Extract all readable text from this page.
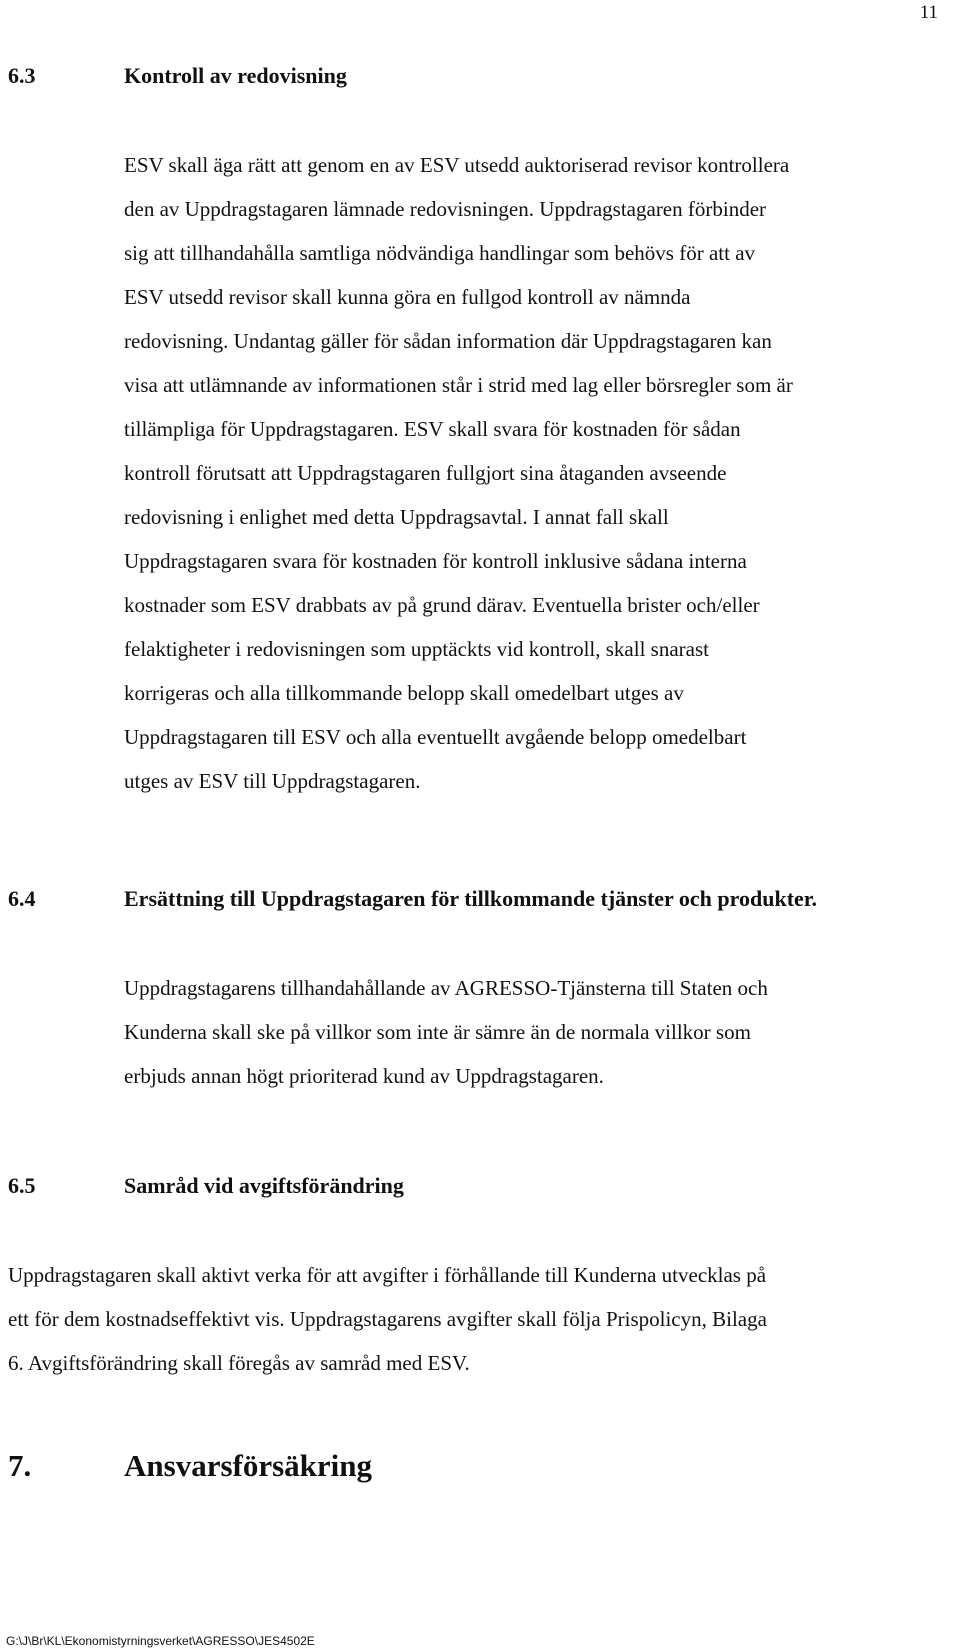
11
6.3	Kontroll av redovisning

ESV skall äga rätt att genom en av ESV utsedd auktoriserad revisor kontrollera
den av Uppdragstagaren lämnade redovisningen. Uppdragstagaren förbinder
sig att tillhandahålla samtliga nödvändiga handlingar som behövs för att av
ESV utsedd revisor skall kunna göra en fullgod kontroll av nämnda
redovisning. Undantag gäller för sådan information där Uppdragstagaren kan
visa att utlämnande av informationen står i strid med lag eller börsregler som är
tillämpliga för Uppdragstagaren. ESV skall svara för kostnaden för sådan
kontroll förutsatt att Uppdragstagaren fullgjort sina åtaganden avseende
redovisning i enlighet med detta Uppdragsavtal. I annat fall skall
Uppdragstagaren svara för kostnaden för kontroll inklusive sådana interna
kostnader som ESV drabbats av på grund därav. Eventuella brister och/eller
felaktigheter i redovisningen som upptäckts vid kontroll, skall snarast
korrigeras och alla tillkommande belopp skall omedelbart utges av
Uppdragstagaren till ESV och alla eventuellt avgående belopp omedelbart
utges av ESV till Uppdragstagaren.

6.4	Ersättning till Uppdragstagaren för tillkommande tjänster och produkter.

Uppdragstagarens tillhandahållande av AGRESSO-Tjänsterna till Staten och
Kunderna skall ske på villkor som inte är sämre än de normala villkor som
erbjuds annan högt prioriterad kund av Uppdragstagaren.

6.5	Samråd vid avgiftsförändring

Uppdragstagaren skall aktivt verka för att avgifter i förhållande till Kunderna utvecklas på
ett för dem kostnadseffektivt vis. Uppdragstagarens avgifter skall följa Prispolicyn, Bilaga
6. Avgiftsförändring skall föregås av samråd med ESV.

7.	Ansvarsförsäkring
G:\J\Br\KL\Ekonomistyrningsverket\AGRESSO\JES4502E
